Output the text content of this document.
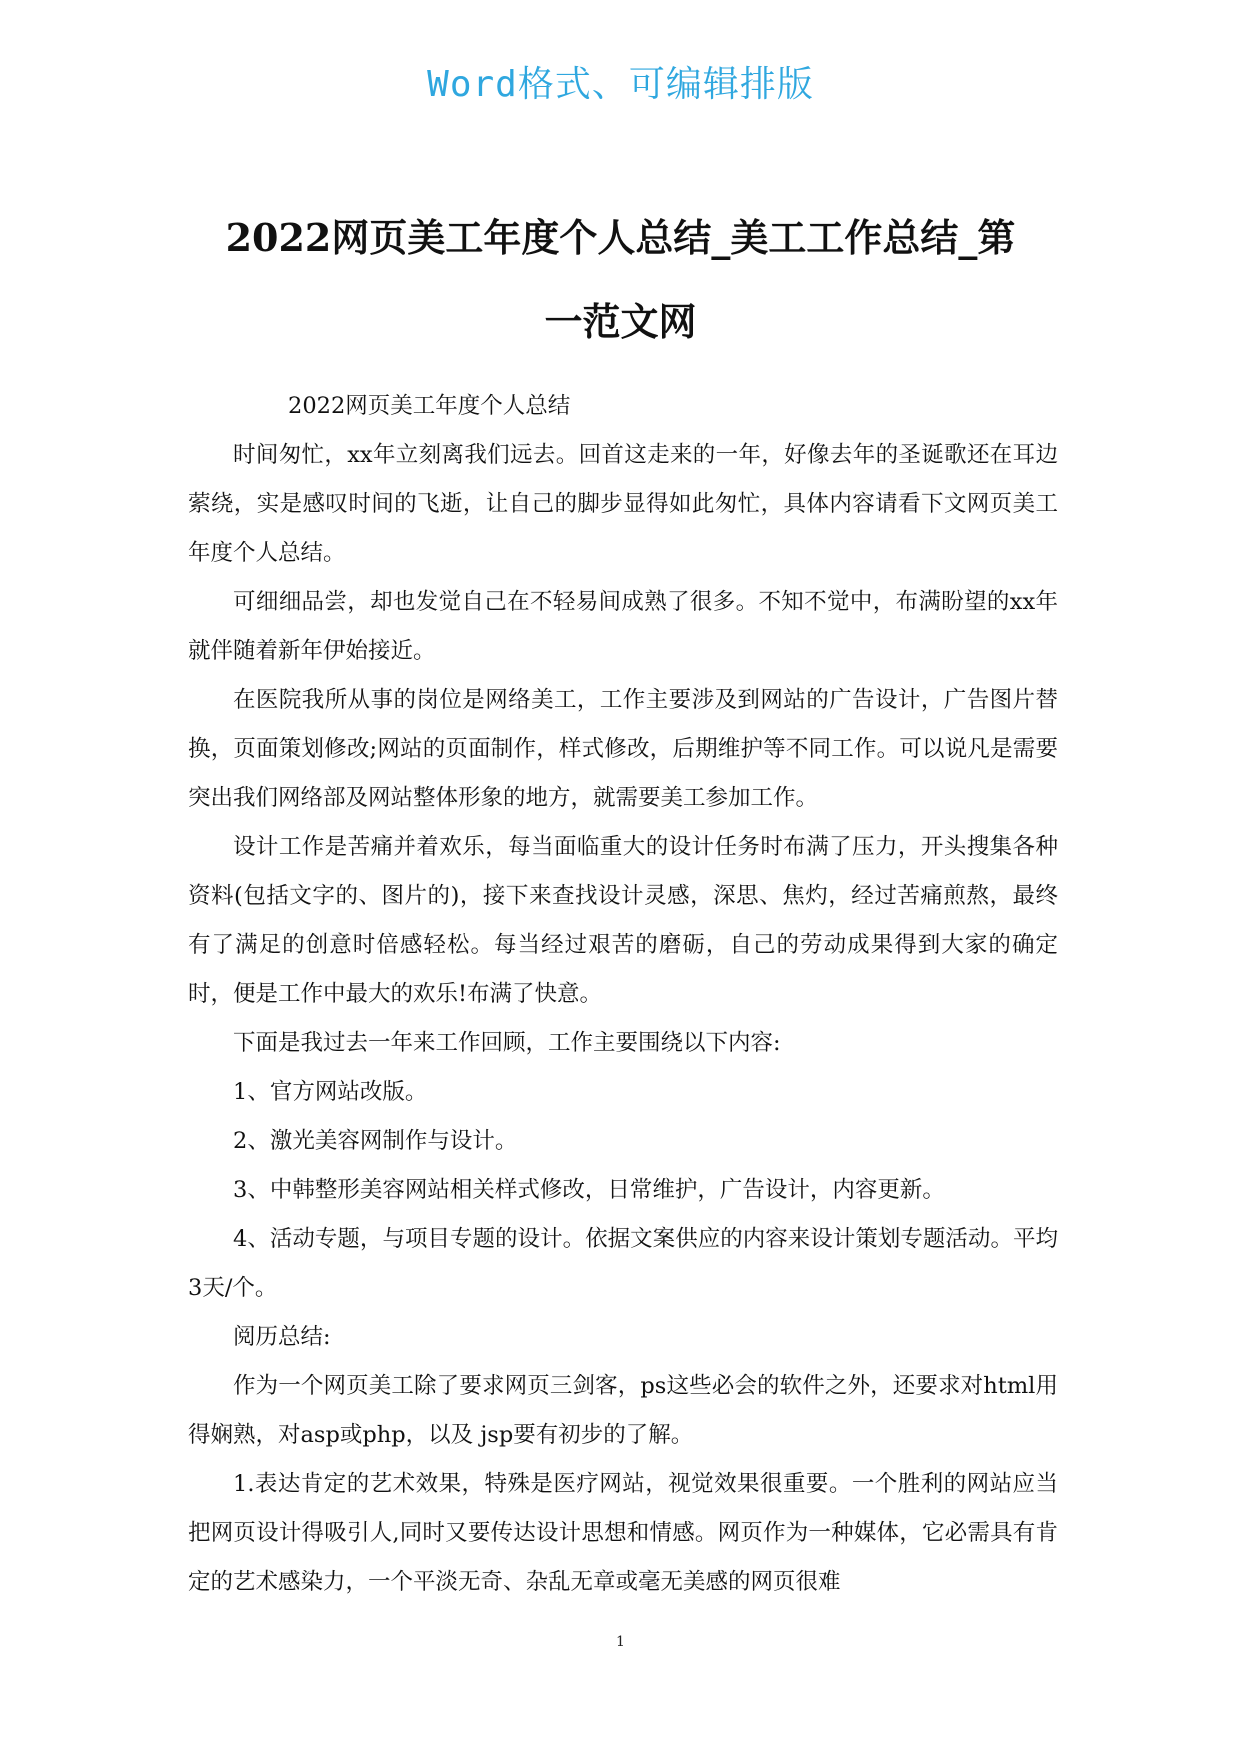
Word格式、可编辑排版
2022网页美工年度个人总结_美工工作总结_第
一范文网

2022网页美工年度个人总结

时间匆忙，xx年立刻离我们远去。回首这走来的一年，好像去年的圣诞歌还在耳边萦绕，实是感叹时间的飞逝，让自己的脚步显得如此匆忙，具体内容请看下文网页美工年度个人总结。

可细细品尝，却也发觉自己在不轻易间成熟了很多。不知不觉中，布满盼望的xx年就伴随着新年伊始接近。

在医院我所从事的岗位是网络美工，工作主要涉及到网站的广告设计，广告图片替换，页面策划修改;网站的页面制作，样式修改，后期维护等不同工作。可以说凡是需要突出我们网络部及网站整体形象的地方，就需要美工参加工作。

设计工作是苦痛并着欢乐，每当面临重大的设计任务时布满了压力，开头搜集各种资料(包括文字的、图片的)，接下来查找设计灵感，深思、焦灼，经过苦痛煎熬，最终有了满足的创意时倍感轻松。每当经过艰苦的磨砺，自己的劳动成果得到大家的确定时，便是工作中最大的欢乐!布满了快意。

下面是我过去一年来工作回顾，工作主要围绕以下内容:

1、官方网站改版。

2、激光美容网制作与设计。

3、中韩整形美容网站相关样式修改，日常维护，广告设计，内容更新。

4、活动专题，与项目专题的设计。依据文案供应的内容来设计策划专题活动。平均 3天/个。

阅历总结:

作为一个网页美工除了要求网页三剑客，ps这些必会的软件之外，还要求对html用得娴熟，对asp或php，以及 jsp要有初步的了解。

1.表达肯定的艺术效果，特殊是医疗网站，视觉效果很重要。一个胜利的网站应当把网页设计得吸引人,同时又要传达设计思想和情感。网页作为一种媒体，它必需具有肯定的艺术感染力，一个平淡无奇、杂乱无章或毫无美感的网页很难

1
